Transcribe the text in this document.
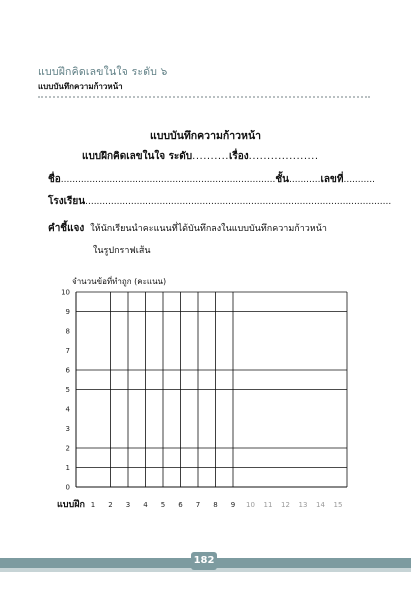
แบบฝึกคิดเลขในใจ ระดับ ๖
แบบบันทึกความก้าวหน้า
แบบบันทึกความก้าวหน้า
แบบฝึกคิดเลขในใจ ระดับ..........เรื่อง...................
ชื่อ...........................................................................ชั้น...........เลขที่...........
โรงเรียน...........................................................................................................
คำชี้แจง ให้นักเรียนนำคะแนนที่ได้บันทึกลงในแบบบันทึกความก้าวหน้า
ในรูปกราฟเส้น
0
1
2
3
4
5
6
7
8
9
10
1 2 3 4 5 6 7 8 9 10 11 12 13 14 15
จำนวนข้อที่ทำถูก (คะแนน)
แบบฝึก
182
